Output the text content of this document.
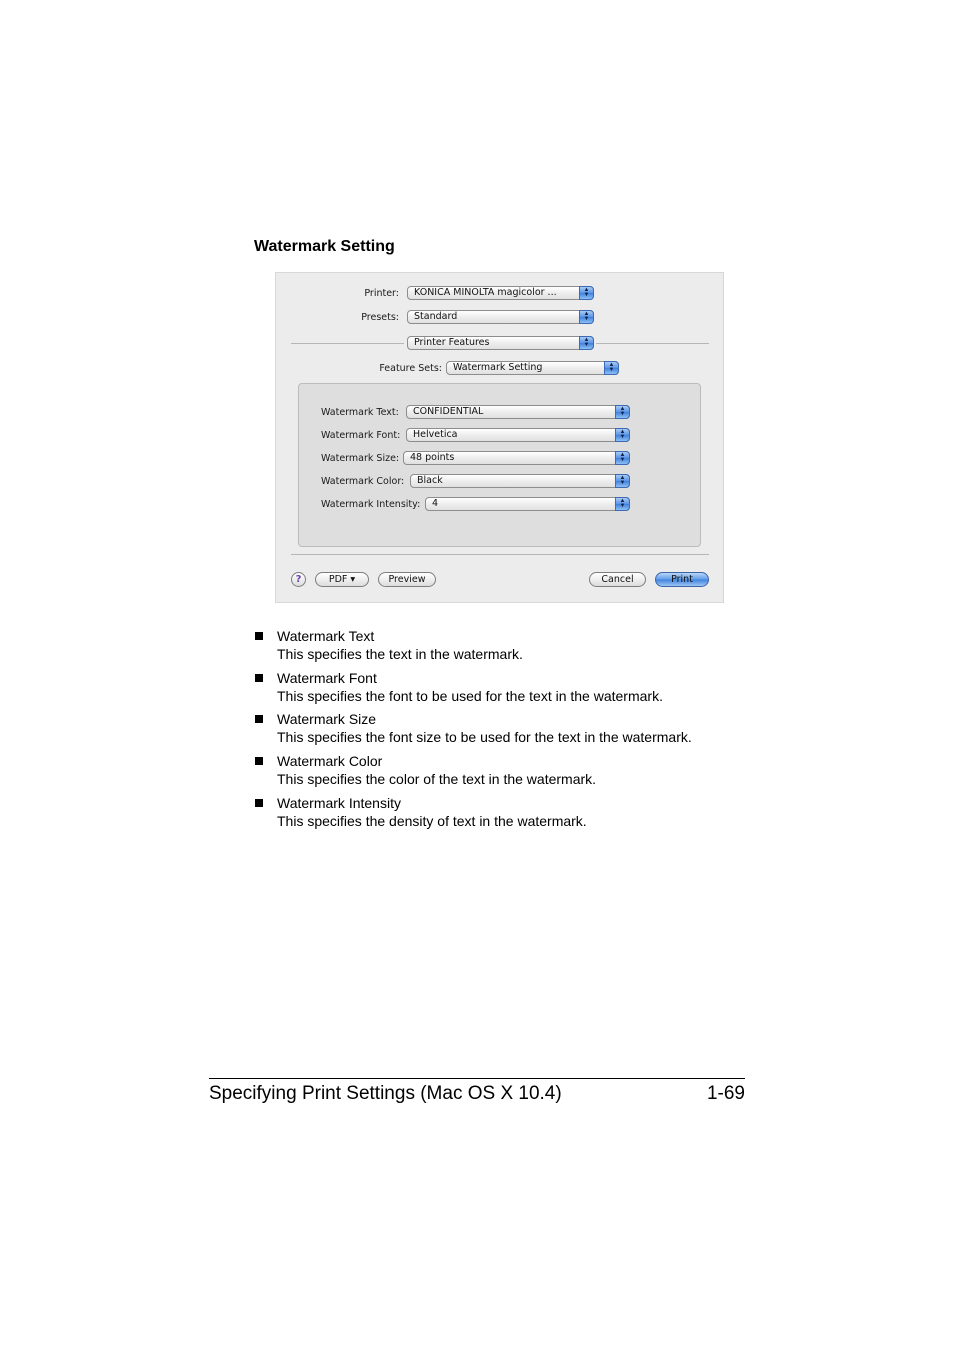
Watermark Setting
Printer: KONICA MINOLTA magicolor ...	▲
▼
Presets: Standard	▲
▼
Printer Features	▲
▼
Feature Sets: Watermark Setting	▲
▼
Watermark Text: CONFIDENTIAL	▲
▼
Watermark Font: Helvetica	▲
▼
Watermark Size: 48 points	▲
▼
Watermark Color: Black	▲
▼
Watermark Intensity: 4	▲
▼
?	PDF ▾	Preview	Cancel	Print
Watermark Text
This specifies the text in the watermark.
Watermark Font
This specifies the font to be used for the text in the watermark.
Watermark Size
This specifies the font size to be used for the text in the watermark.
Watermark Color
This specifies the color of the text in the watermark.
Watermark Intensity
This specifies the density of text in the watermark.
Specifying Print Settings (Mac OS X 10.4)	1-69
